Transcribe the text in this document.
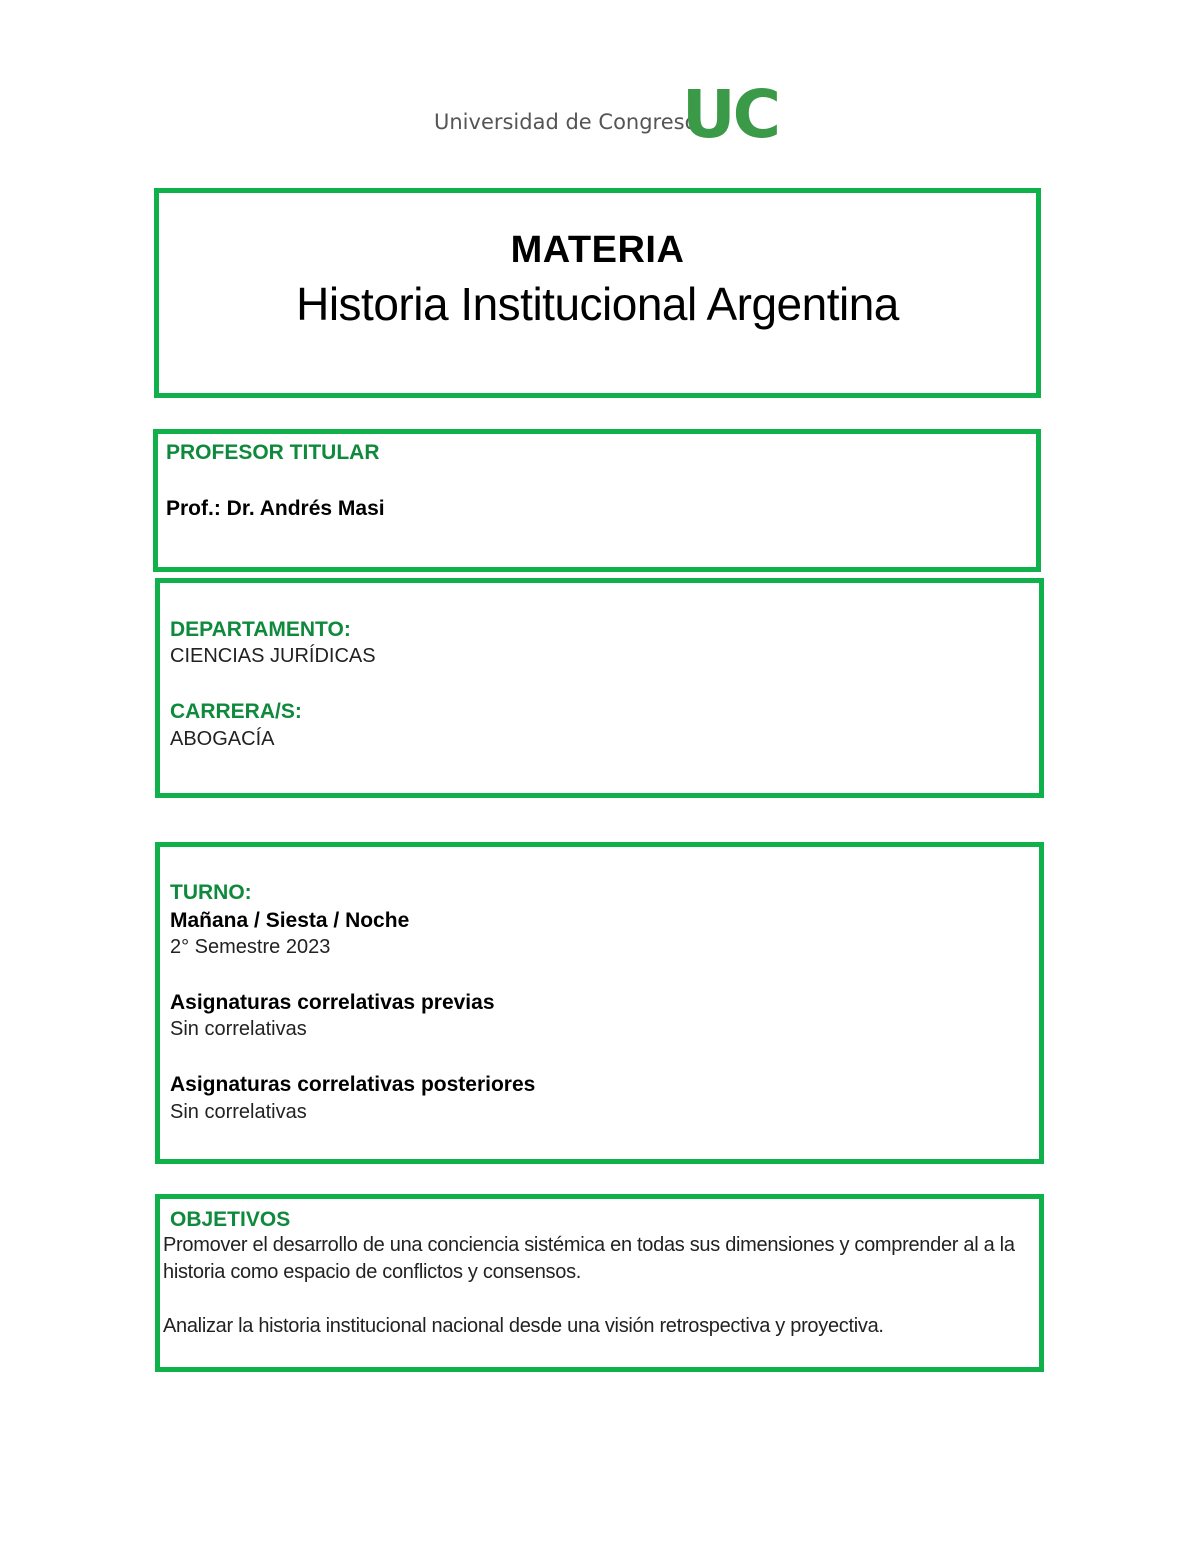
Universidad de Congreso
UC
MATERIA
Historia Institucional Argentina
PROFESOR TITULAR
Prof.: Dr. Andrés Masi
DEPARTAMENTO:
CIENCIAS JURÍDICAS
CARRERA/S:
ABOGACÍA
TURNO:
Mañana / Siesta / Noche
2° Semestre 2023
Asignaturas correlativas previas
Sin correlativas
Asignaturas correlativas posteriores
Sin correlativas
OBJETIVOS
Promover el desarrollo de una conciencia sistémica en todas sus dimensiones y comprender al a la historia como espacio de conflictos y consensos.
Analizar la historia institucional nacional desde una visión retrospectiva y proyectiva.
